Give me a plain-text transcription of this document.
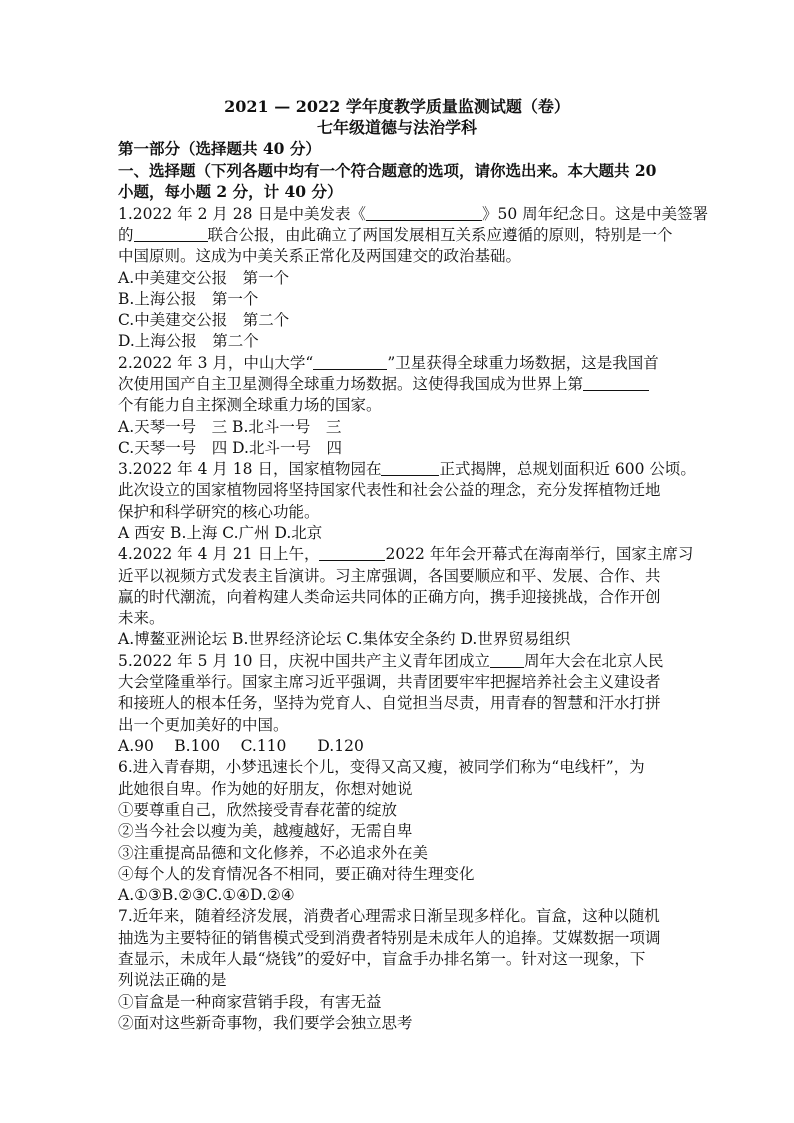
2021 — 2022 学年度教学质量监测试题（卷）
七年级道德与法治学科
第一部分（选择题共 40 分）
一、选择题（下列各题中均有一个符合题意的选项，请你选出来。本大题共 20
小题，每小题 2 分，计 40 分）
1.2022 年 2 月 28 日是中美发表《	》50 周年纪念日。这是中美签署
的	联合公报，由此确立了两国发展相互关系应遵循的原则，特别是一个
中国原则。这成为中美关系正常化及两国建交的政治基础。
A.中美建交公报　第一个
B.上海公报　第一个
C.中美建交公报　第二个
D.上海公报　第二个
2.2022 年 3 月，中山大学“	”卫星获得全球重力场数据，这是我国首
次使用国产自主卫星测得全球重力场数据。这使得我国成为世界上第
个有能力自主探测全球重力场的国家。
A.天琴一号　三 B.北斗一号　三
C.天琴一号　四 D.北斗一号　四
3.2022 年 4 月 18 日，国家植物园在	正式揭牌，总规划面积近 600 公顷。
此次设立的国家植物园将坚持国家代表性和社会公益的理念，充分发挥植物迁地
保护和科学研究的核心功能。
A 西安 B.上海 C.广州 D.北京
4.2022 年 4 月 21 日上午，	2022 年年会开幕式在海南举行，国家主席习
近平以视频方式发表主旨演讲。习主席强调，各国要顺应和平、发展、合作、共
赢的时代潮流，向着构建人类命运共同体的正确方向，携手迎接挑战，合作开创
未来。
A.博鳌亚洲论坛 B.世界经济论坛 C.集体安全条约 D.世界贸易组织
5.2022 年 5 月 10 日，庆祝中国共产主义青年团成立 周年大会在北京人民
大会堂隆重举行。国家主席习近平强调，共青团要牢牢把握培养社会主义建设者
和接班人的根本任务，坚持为党育人、自觉担当尽责，用青春的智慧和汗水打拼
出一个更加美好的中国。
A.90　 B.100　 C.110　　D.120
6.进入青春期，小梦迅速长个儿，变得又高又瘦，被同学们称为“电线杆”，为
此她很自卑。作为她的好朋友，你想对她说
①要尊重自己，欣然接受青春花蕾的绽放
②当今社会以瘦为美，越瘦越好，无需自卑
③注重提高品德和文化修养，不必追求外在美
④每个人的发育情况各不相同，要正确对待生理变化
A.①③B.②③C.①④D.②④
7.近年来，随着经济发展，消费者心理需求日渐呈现多样化。盲盒，这种以随机
抽选为主要特征的销售模式受到消费者特别是未成年人的追捧。艾媒数据一项调
查显示，未成年人最“烧钱”的爱好中，盲盒手办排名第一。针对这一现象，下
列说法正确的是
①盲盒是一种商家营销手段，有害无益
②面对这些新奇事物，我们要学会独立思考
